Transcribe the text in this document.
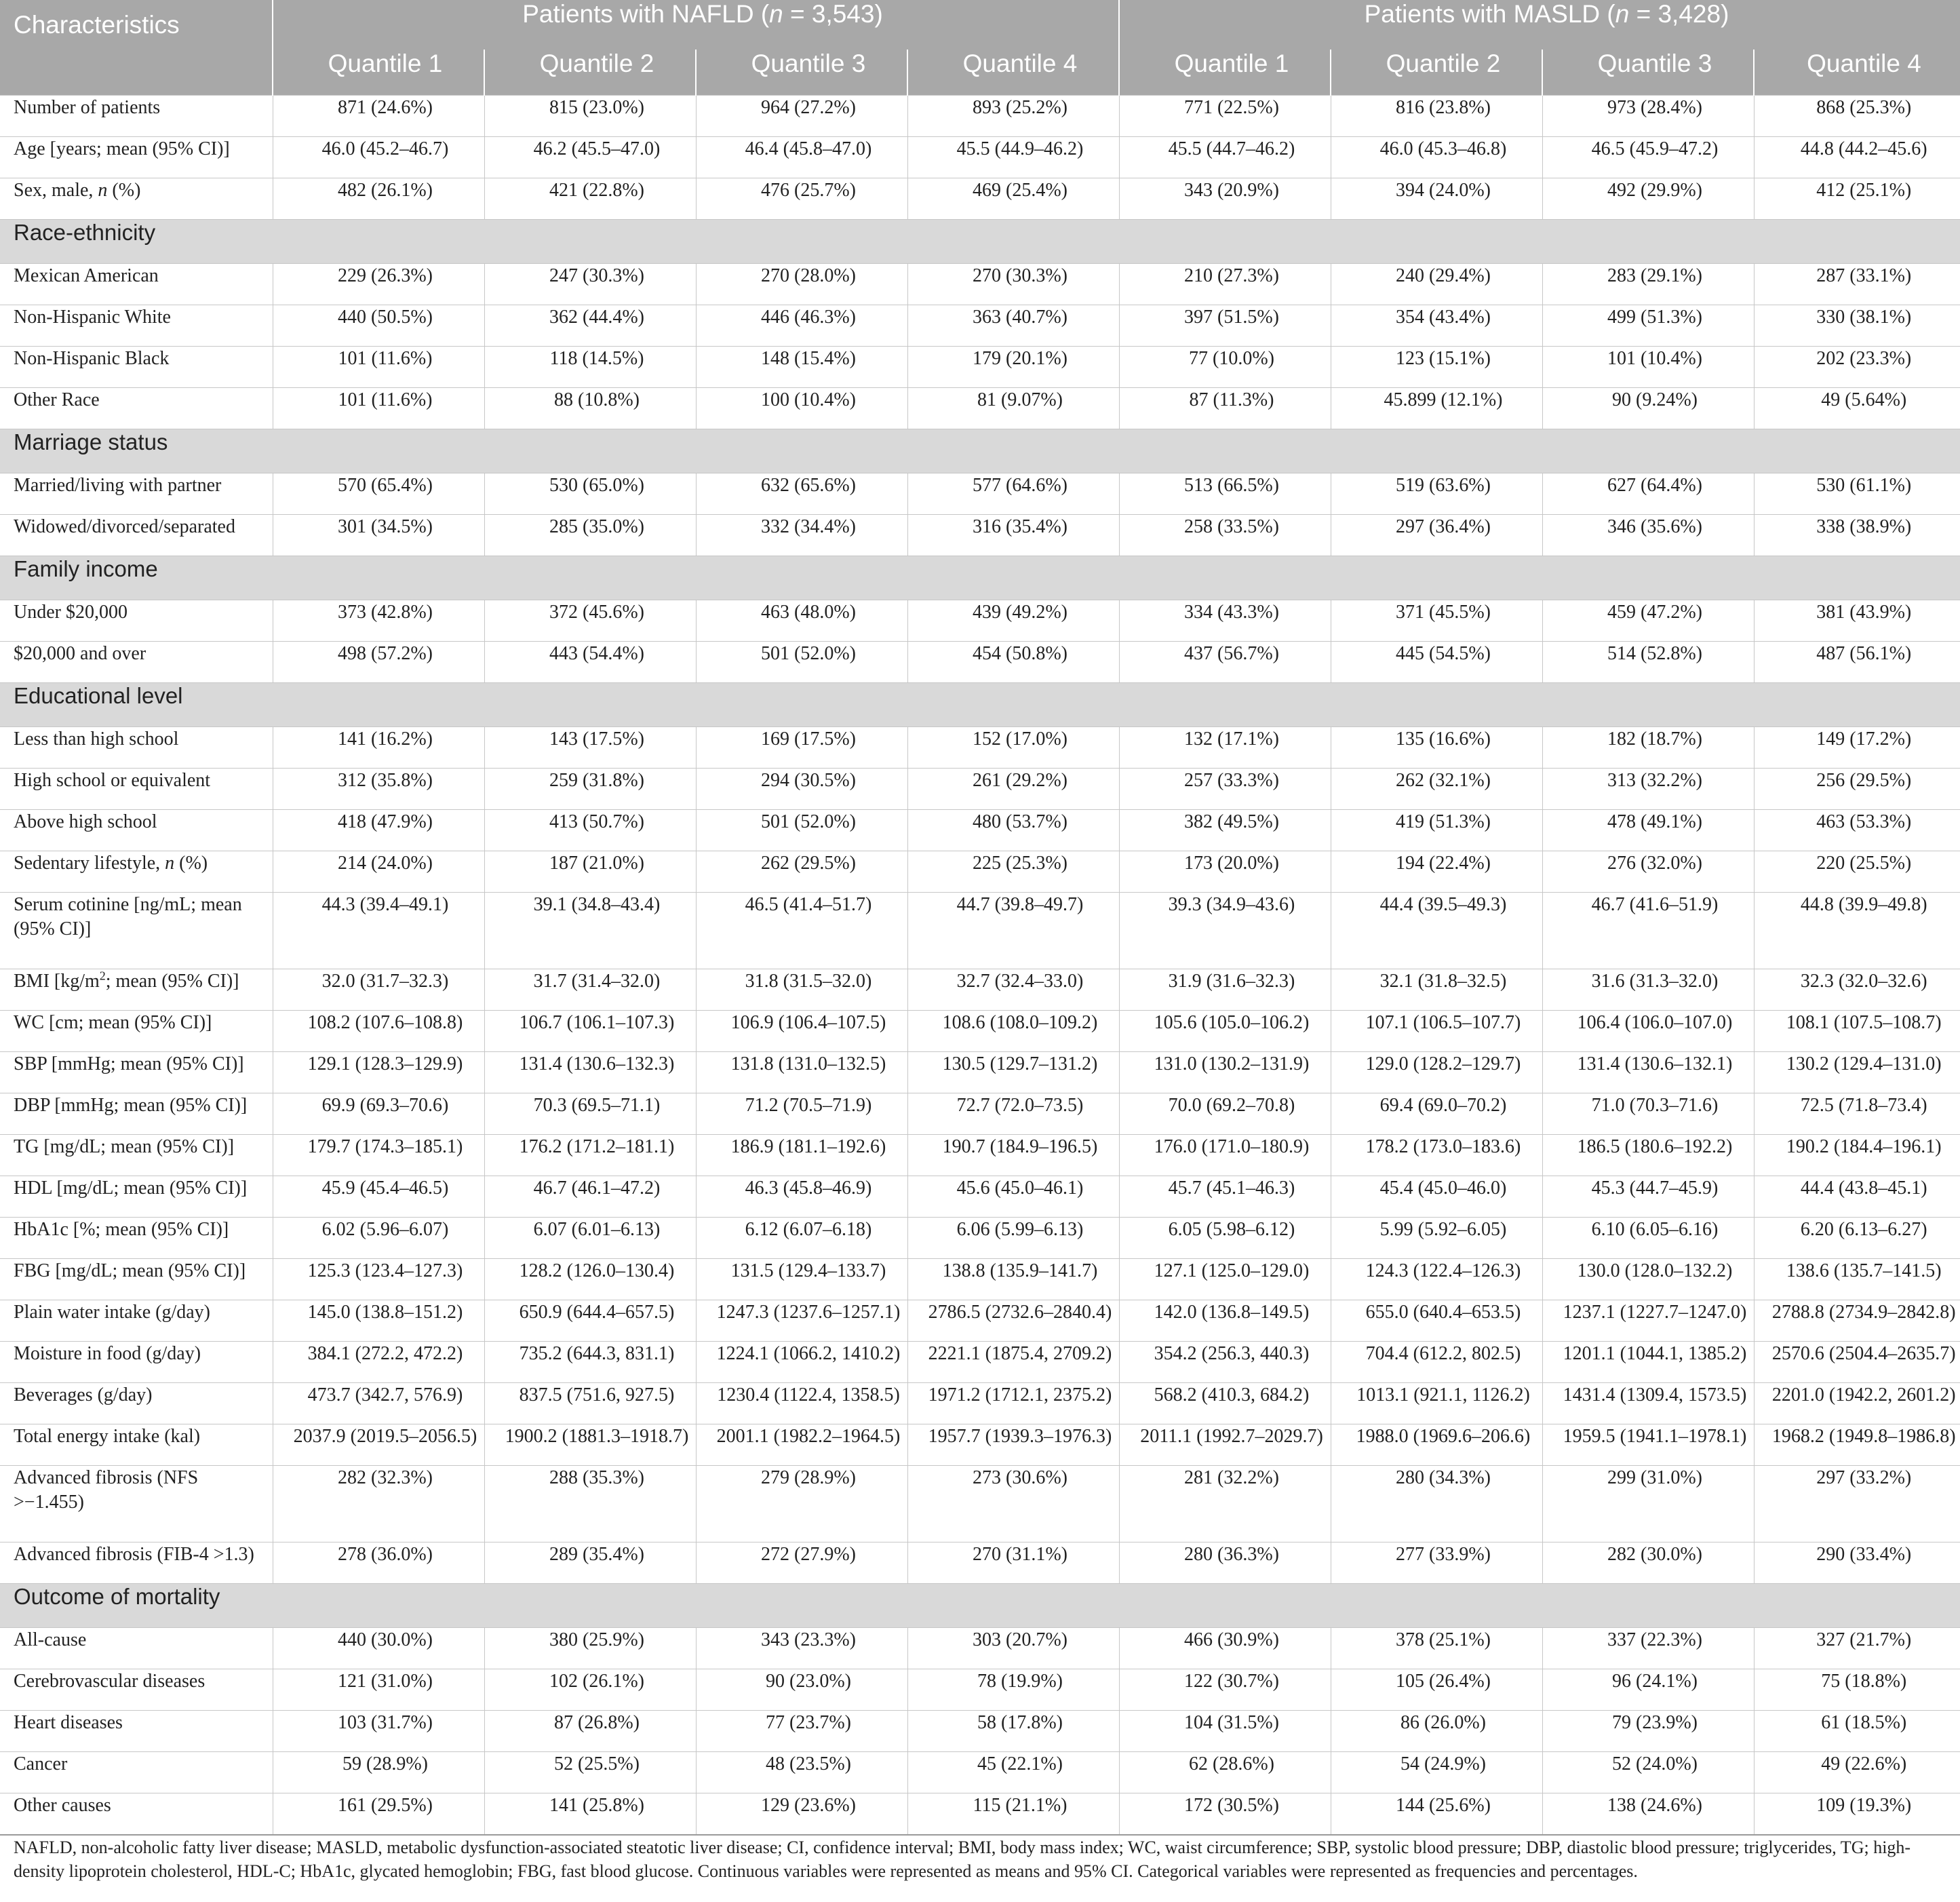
Characteristics	Patients with NAFLD (n = 3,543)				Patients with MASLD (n = 3,428)			
	Quantile 1	Quantile 2	Quantile 3	Quantile 4	Quantile 1	Quantile 2	Quantile 3	Quantile 4
Number of patients	871 (24.6%)	815 (23.0%)	964 (27.2%)	893 (25.2%)	771 (22.5%)	816 (23.8%)	973 (28.4%)	868 (25.3%)
Age [years; mean (95% CI)]	46.0 (45.2–46.7)	46.2 (45.5–47.0)	46.4 (45.8–47.0)	45.5 (44.9–46.2)	45.5 (44.7–46.2)	46.0 (45.3–46.8)	46.5 (45.9–47.2)	44.8 (44.2–45.6)
Sex, male, n (%)	482 (26.1%)	421 (22.8%)	476 (25.7%)	469 (25.4%)	343 (20.9%)	394 (24.0%)	492 (29.9%)	412 (25.1%)
Race-ethnicity								
Mexican American	229 (26.3%)	247 (30.3%)	270 (28.0%)	270 (30.3%)	210 (27.3%)	240 (29.4%)	283 (29.1%)	287 (33.1%)
Non-Hispanic White	440 (50.5%)	362 (44.4%)	446 (46.3%)	363 (40.7%)	397 (51.5%)	354 (43.4%)	499 (51.3%)	330 (38.1%)
Non-Hispanic Black	101 (11.6%)	118 (14.5%)	148 (15.4%)	179 (20.1%)	77 (10.0%)	123 (15.1%)	101 (10.4%)	202 (23.3%)
Other Race	101 (11.6%)	88 (10.8%)	100 (10.4%)	81 (9.07%)	87 (11.3%)	45.899 (12.1%)	90 (9.24%)	49 (5.64%)
Marriage status								
Married/living with partner	570 (65.4%)	530 (65.0%)	632 (65.6%)	577 (64.6%)	513 (66.5%)	519 (63.6%)	627 (64.4%)	530 (61.1%)
Widowed/divorced/separated	301 (34.5%)	285 (35.0%)	332 (34.4%)	316 (35.4%)	258 (33.5%)	297 (36.4%)	346 (35.6%)	338 (38.9%)
Family income								
Under $20,000	373 (42.8%)	372 (45.6%)	463 (48.0%)	439 (49.2%)	334 (43.3%)	371 (45.5%)	459 (47.2%)	381 (43.9%)
$20,000 and over	498 (57.2%)	443 (54.4%)	501 (52.0%)	454 (50.8%)	437 (56.7%)	445 (54.5%)	514 (52.8%)	487 (56.1%)
Educational level								
Less than high school	141 (16.2%)	143 (17.5%)	169 (17.5%)	152 (17.0%)	132 (17.1%)	135 (16.6%)	182 (18.7%)	149 (17.2%)
High school or equivalent	312 (35.8%)	259 (31.8%)	294 (30.5%)	261 (29.2%)	257 (33.3%)	262 (32.1%)	313 (32.2%)	256 (29.5%)
Above high school	418 (47.9%)	413 (50.7%)	501 (52.0%)	480 (53.7%)	382 (49.5%)	419 (51.3%)	478 (49.1%)	463 (53.3%)
Sedentary lifestyle, n (%)	214 (24.0%)	187 (21.0%)	262 (29.5%)	225 (25.3%)	173 (20.0%)	194 (22.4%)	276 (32.0%)	220 (25.5%)
Serum cotinine [ng/mL; mean (95% CI)]	44.3 (39.4–49.1)	39.1 (34.8–43.4)	46.5 (41.4–51.7)	44.7 (39.8–49.7)	39.3 (34.9–43.6)	44.4 (39.5–49.3)	46.7 (41.6–51.9)	44.8 (39.9–49.8)
BMI [$kg/m^2$; mean (95% CI)]	32.0 (31.7–32.3)	31.7 (31.4–32.0)	31.8 (31.5–32.0)	32.7 (32.4–33.0)	31.9 (31.6–32.3)	32.1 (31.8–32.5)	31.6 (31.3–32.0)	32.3 (32.0–32.6)
WC [cm; mean (95% CI)]	108.2 (107.6–108.8)	106.7 (106.1–107.3)	106.9 (106.4–107.5)	108.6 (108.0–109.2)	105.6 (105.0–106.2)	107.1 (106.5–107.7)	106.4 (106.0–107.0)	108.1 (107.5–108.7)
SBP [mmHg; mean (95% CI)]	129.1 (128.3–129.9)	131.4 (130.6–132.3)	131.8 (131.0–132.5)	130.5 (129.7–131.2)	131.0 (130.2–131.9)	129.0 (128.2–129.7)	131.4 (130.6–132.1)	130.2 (129.4–131.0)
DBP [mmHg; mean (95% CI)]	69.9 (69.3–70.6)	70.3 (69.5–71.1)	71.2 (70.5–71.9)	72.7 (72.0–73.5)	70.0 (69.2–70.8)	69.4 (69.0–70.2)	71.0 (70.3–71.6)	72.5 (71.8–73.4)
TG [mg/dL; mean (95% CI)]	179.7 (174.3–185.1)	176.2 (171.2–181.1)	186.9 (181.1–192.6)	190.7 (184.9–196.5)	176.0 (171.0–180.9)	178.2 (173.0–183.6)	186.5 (180.6–192.2)	190.2 (184.4–196.1)
HDL [mg/dL; mean (95% CI)]	45.9 (45.4–46.5)	46.7 (46.1–47.2)	46.3 (45.8–46.9)	45.6 (45.0–46.1)	45.7 (45.1–46.3)	45.4 (45.0–46.0)	45.3 (44.7–45.9)	44.4 (43.8–45.1)
HbA1c [%; mean (95% CI)]	6.02 (5.96–6.07)	6.07 (6.01–6.13)	6.12 (6.07–6.18)	6.06 (5.99–6.13)	6.05 (5.98–6.12)	5.99 (5.92–6.05)	6.10 (6.05–6.16)	6.20 (6.13–6.27)
FBG [mg/dL; mean (95% CI)]	125.3 (123.4–127.3)	128.2 (126.0–130.4)	131.5 (129.4–133.7)	138.8 (135.9–141.7)	127.1 (125.0–129.0)	124.3 (122.4–126.3)	130.0 (128.0–132.2)	138.6 (135.7–141.5)
Plain water intake (g/day)	145.0 (138.8–151.2)	650.9 (644.4–657.5)	1247.3 (1237.6–1257.1)	2786.5 (2732.6–2840.4)	142.0 (136.8–149.5)	655.0 (640.4–653.5)	1237.1 (1227.7–1247.0)	2788.8 (2734.9–2842.8)
Moisture in food (g/day)	384.1 (272.2, 472.2)	735.2 (644.3, 831.1)	1224.1 (1066.2, 1410.2)	2221.1 (1875.4, 2709.2)	354.2 (256.3, 440.3)	704.4 (612.2, 802.5)	1201.1 (1044.1, 1385.2)	2570.6 (2504.4–2635.7)
Beverages (g/day)	473.7 (342.7, 576.9)	837.5 (751.6, 927.5)	1230.4 (1122.4, 1358.5)	1971.2 (1712.1, 2375.2)	568.2 (410.3, 684.2)	1013.1 (921.1, 1126.2)	1431.4 (1309.4, 1573.5)	2201.0 (1942.2, 2601.2)
Total energy intake (kal)	2037.9 (2019.5–2056.5)	1900.2 (1881.3–1918.7)	2001.1 (1982.2–1964.5)	1957.7 (1939.3–1976.3)	2011.1 (1992.7–2029.7)	1988.0 (1969.6–206.6)	1959.5 (1941.1–1978.1)	1968.2 (1949.8–1986.8)
Advanced fibrosis (NFS >−1.455)	282 (32.3%)	288 (35.3%)	279 (28.9%)	273 (30.6%)	281 (32.2%)	280 (34.3%)	299 (31.0%)	297 (33.2%)
Advanced fibrosis (FIB-4 >1.3)	278 (36.0%)	289 (35.4%)	272 (27.9%)	270 (31.1%)	280 (36.3%)	277 (33.9%)	282 (30.0%)	290 (33.4%)
Outcome of mortality								
All-cause	440 (30.0%)	380 (25.9%)	343 (23.3%)	303 (20.7%)	466 (30.9%)	378 (25.1%)	337 (22.3%)	327 (21.7%)
Cerebrovascular diseases	121 (31.0%)	102 (26.1%)	90 (23.0%)	78 (19.9%)	122 (30.7%)	105 (26.4%)	96 (24.1%)	75 (18.8%)
Heart diseases	103 (31.7%)	87 (26.8%)	77 (23.7%)	58 (17.8%)	104 (31.5%)	86 (26.0%)	79 (23.9%)	61 (18.5%)
Cancer	59 (28.9%)	52 (25.5%)	48 (23.5%)	45 (22.1%)	62 (28.6%)	54 (24.9%)	52 (24.0%)	49 (22.6%)
Other causes	161 (29.5%)	141 (25.8%)	129 (23.6%)	115 (21.1%)	172 (30.5%)	144 (25.6%)	138 (24.6%)	109 (19.3%)
NAFLD, non-alcoholic fatty liver disease; MASLD, metabolic dysfunction-associated steatotic liver disease; CI, confidence interval; BMI, body mass index; WC, waist circumference; SBP, systolic blood pressure; DBP, diastolic blood pressure; triglycerides, TG; high-density lipoprotein cholesterol, HDL-C; HbA1c, glycated hemoglobin; FBG, fast blood glucose. Continuous variables were represented as means and 95% CI. Categorical variables were represented as frequencies and percentages.								
